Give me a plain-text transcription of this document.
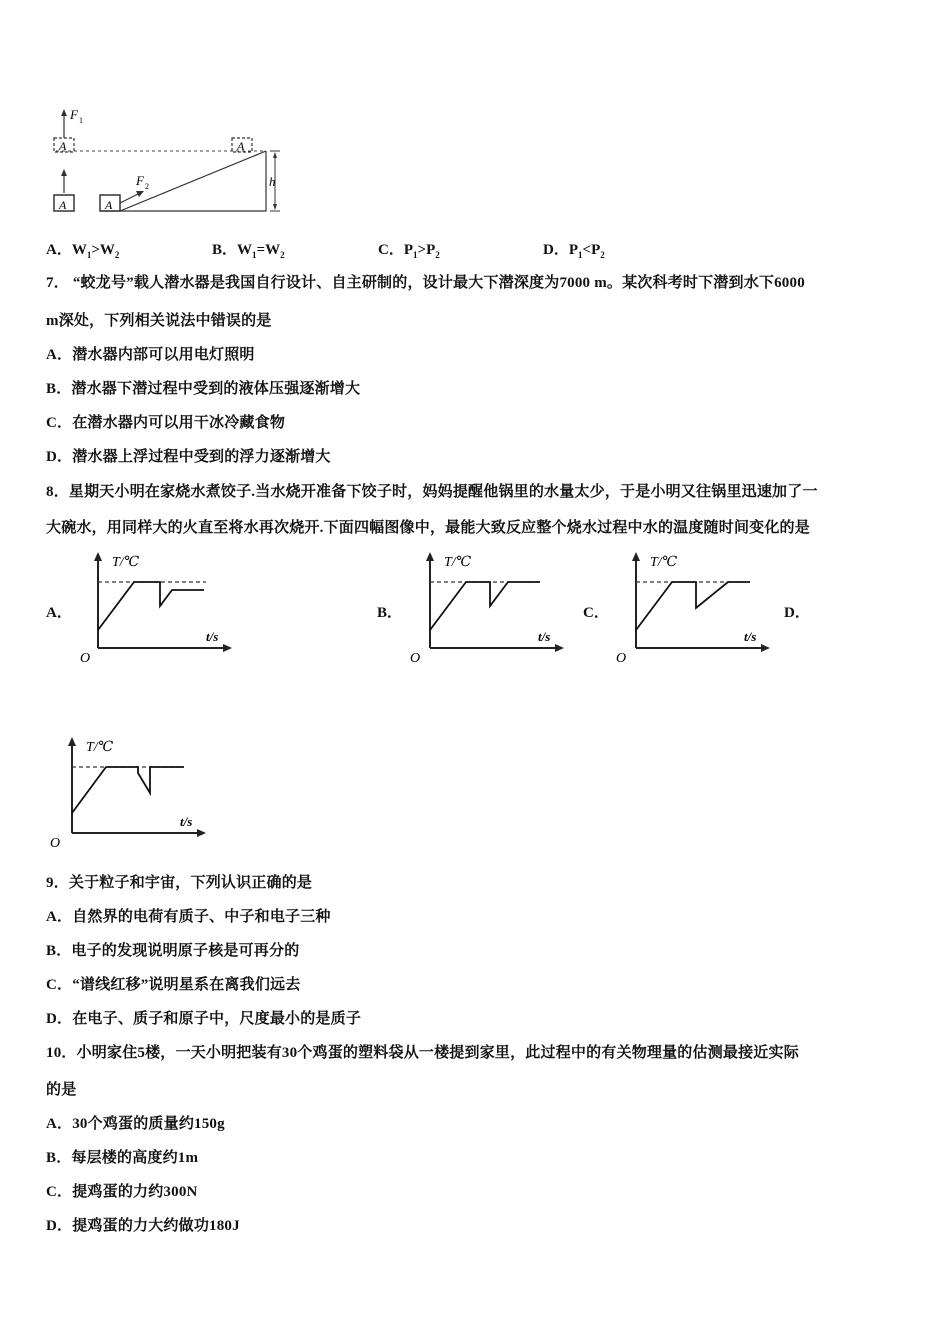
A
F 1
A	A
F 2
A
h
A．$W_1>W_2$	B．$W_1=W_2$	C．$P_1>P_2$	D．$P_1<P_2$
7． “蛟龙号”载人潜水器是我国自行设计、自主研制的，设计最大下潜深度为7000 m。某次科考时下潜到水下6000
m深处，下列相关说法中错误的是
A．潜水器内部可以用电灯照明
B．潜水器下潜过程中受到的液体压强逐渐增大
C．在潜水器内可以用干冰冷藏食物
D．潜水器上浮过程中受到的浮力逐渐增大
8．星期天小明在家烧水煮饺子.当水烧开准备下饺子时，妈妈提醒他锅里的水量太少，于是小明又往锅里迅速加了一
大碗水，用同样大的火直至将水再次烧开.下面四幅图像中，最能大致反应整个烧水过程中水的温度随时间变化的是
A．	B．	C．	D．
T/℃
t/s
O
T/℃
t/s
O
T/℃
t/s
O
T/℃
t/s
O
9．关于粒子和宇宙，下列认识正确的是
A．自然界的电荷有质子、中子和电子三种
B．电子的发现说明原子核是可再分的
C．“谱线红移”说明星系在离我们远去
D．在电子、质子和原子中，尺度最小的是质子
10．小明家住5楼，一天小明把装有30个鸡蛋的塑料袋从一楼提到家里，此过程中的有关物理量的估测最接近实际
的是
A．30个鸡蛋的质量约150g
B．每层楼的高度约1m
C．提鸡蛋的力约300N
D．提鸡蛋的力大约做功180J
